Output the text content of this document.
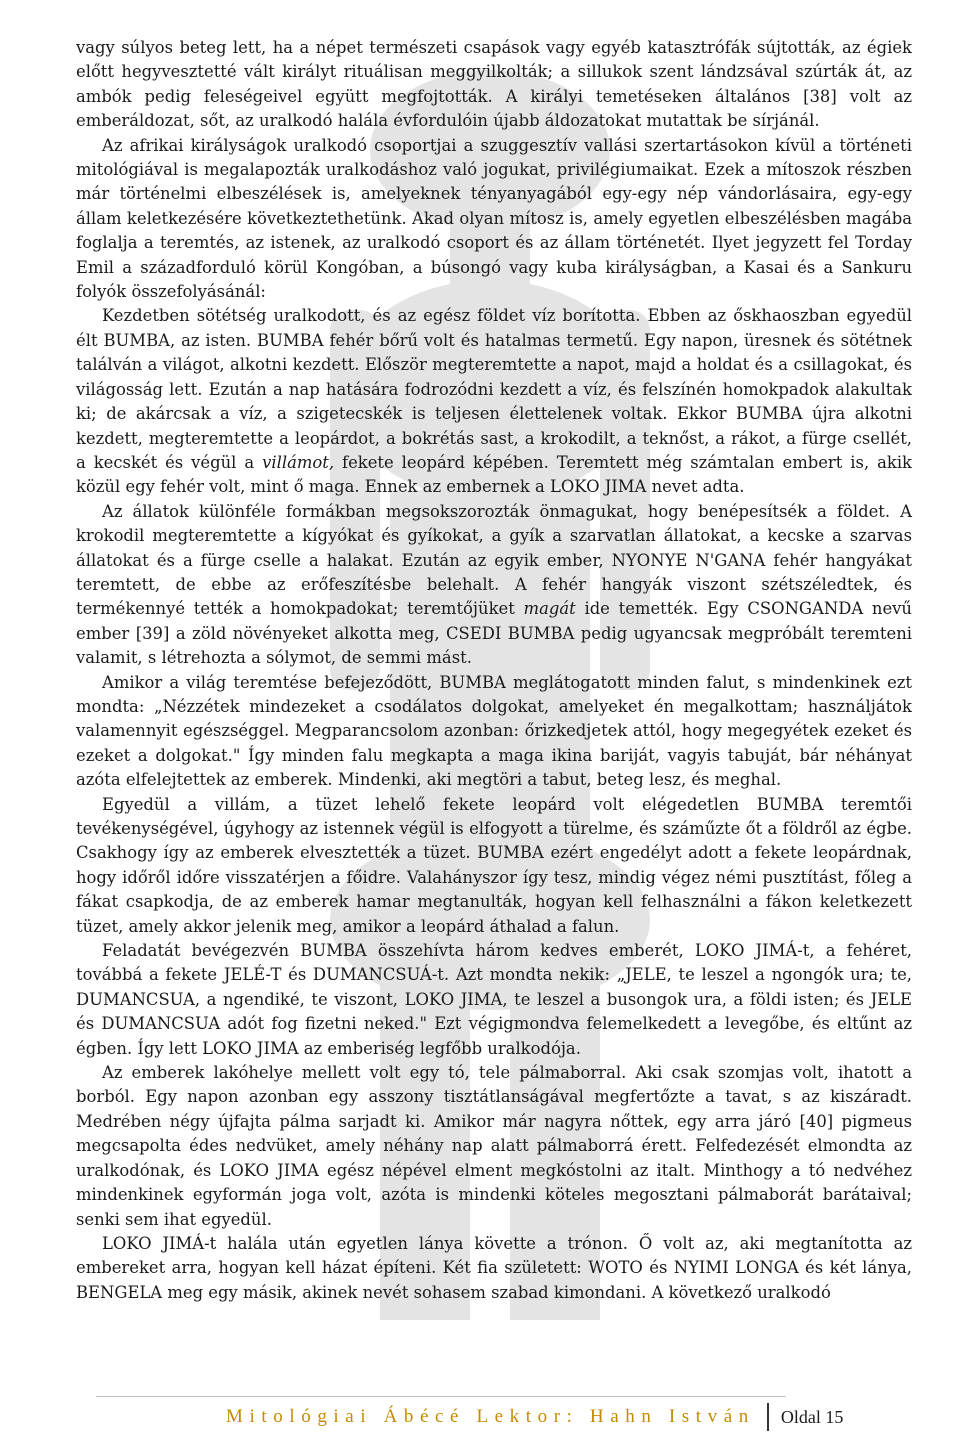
vagy súlyos beteg lett, ha a népet természeti csapások vagy egyéb katasztrófák sújtották, az égiek előtt hegyvesztetté vált királyt rituálisan meggyilkolták; a sillukok szent lándzsával szúrták át, az ambók pedig feleségeivel együtt megfojtották. A királyi temetéseken általános [38] volt az emberáldozat, sőt, az uralkodó halála évfordulóin újabb áldozatokat mutattak be sírjánál.

Az afrikai királyságok uralkodó csoportjai a szuggesztív vallási szertartásokon kívül a történeti mitológiával is megalapozták uralkodáshoz való jogukat, privilégiumaikat. Ezek a mítoszok részben már történelmi elbeszélések is, amelyeknek tényanyagából egy-egy nép vándorlásaira, egy-egy állam keletkezésére következtethetünk. Akad olyan mítosz is, amely egyetlen elbeszélésben magába foglalja a teremtés, az istenek, az uralkodó csoport és az állam történetét. Ilyet jegyzett fel Torday Emil a századforduló körül Kongóban, a búsongó vagy kuba királyságban, a Kasai és a Sankuru folyók összefolyásánál:

Kezdetben sötétség uralkodott, és az egész földet víz borította. Ebben az őskhaoszban egyedül élt BUMBA, az isten. BUMBA fehér bőrű volt és hatalmas termetű. Egy napon, üresnek és sötétnek találván a világot, alkotni kezdett. Először megteremtette a napot, majd a holdat és a csillagokat, és világosság lett. Ezután a nap hatására fodrozódni kezdett a víz, és felszínén homokpadok alakultak ki; de akárcsak a víz, a szigetecskék is teljesen élettelenek voltak. Ekkor BUMBA újra alkotni kezdett, megteremtette a leopárdot, a bokrétás sast, a krokodilt, a teknőst, a rákot, a fürge csellét, a kecskét és végül a villámot, fekete leopárd képében. Teremtett még számtalan embert is, akik közül egy fehér volt, mint ő maga. Ennek az embernek a LOKO JIMA nevet adta.

Az állatok különféle formákban megsokszorozták önmagukat, hogy benépesítsék a földet. A krokodil megteremtette a kígyókat és gyíkokat, a gyík a szarvatlan állatokat, a kecske a szarvas állatokat és a fürge cselle a halakat. Ezután az egyik ember, NYONYE N'GANA fehér hangyákat teremtett, de ebbe az erőfeszítésbe belehalt. A fehér hangyák viszont szétszéledtek, és termékennyé tették a homokpadokat; teremtőjüket magát ide temették. Egy CSONGANDA nevű ember [39] a zöld növényeket alkotta meg, CSEDI BUMBA pedig ugyancsak megpróbált teremteni valamit, s létrehozta a sólymot, de semmi mást.

Amikor a világ teremtése befejeződött, BUMBA meglátogatott minden falut, s mindenkinek ezt mondta: „Nézzétek mindezeket a csodálatos dolgokat, amelyeket én megalkottam; használjátok valamennyit egészséggel. Megparancsolom azonban: őrizkedjetek attól, hogy megegyétek ezeket és ezeket a dolgokat." Így minden falu megkapta a maga ikina bariját, vagyis tabuját, bár néhányat azóta elfelejtettek az emberek. Mindenki, aki megtöri a tabut, beteg lesz, és meghal.

Egyedül a villám, a tüzet lehelő fekete leopárd volt elégedetlen BUMBA teremtői tevékenységével, úgyhogy az istennek végül is elfogyott a türelme, és száműzte őt a földről az égbe. Csakhogy így az emberek elvesztették a tüzet. BUMBA ezért engedélyt adott a fekete leopárdnak, hogy időről időre visszatérjen a főidre. Valahányszor így tesz, mindig végez némi pusztítást, főleg a fákat csapkodja, de az emberek hamar megtanulták, hogyan kell felhasználni a fákon keletkezett tüzet, amely akkor jelenik meg, amikor a leopárd áthalad a falun.

Feladatát bevégezvén BUMBA összehívta három kedves emberét, LOKO JIMÁ-t, a fehéret, továbbá a fekete JELÉ-T és DUMANCSUÁ-t. Azt mondta nekik: „JELE, te leszel a ngongók ura; te, DUMANCSUA, a ngendiké, te viszont, LOKO JIMA, te leszel a busongok ura, a földi isten; és JELE és DUMANCSUA adót fog fizetni neked." Ezt végigmondva felemelkedett a levegőbe, és eltűnt az égben. Így lett LOKO JIMA az emberiség legfőbb uralkodója.

Az emberek lakóhelye mellett volt egy tó, tele pálmaborral. Aki csak szomjas volt, ihatott a borból. Egy napon azonban egy asszony tisztátlanságával megfertőzte a tavat, s az kiszáradt. Medrében négy újfajta pálma sarjadt ki. Amikor már nagyra nőttek, egy arra járó [40] pigmeus megcsapolta édes nedvüket, amely néhány nap alatt pálmaborrá érett. Felfedezését elmondta az uralkodónak, és LOKO JIMA egész népével elment megkóstolni az italt. Minthogy a tó nedvéhez mindenkinek egyformán joga volt, azóta is mindenki köteles megosztani pálmaborát barátaival; senki sem ihat egyedül.

LOKO JIMÁ-t halála után egyetlen lánya követte a trónon. Ő volt az, aki megtanította az embereket arra, hogyan kell házat építeni. Két fia született: WOTO és NYIMI LONGA és két lánya, BENGELA meg egy másik, akinek nevét sohasem szabad kimondani. A következő uralkodó

Mitológiai Ábécé Lektor: Hahn István Oldal 15
